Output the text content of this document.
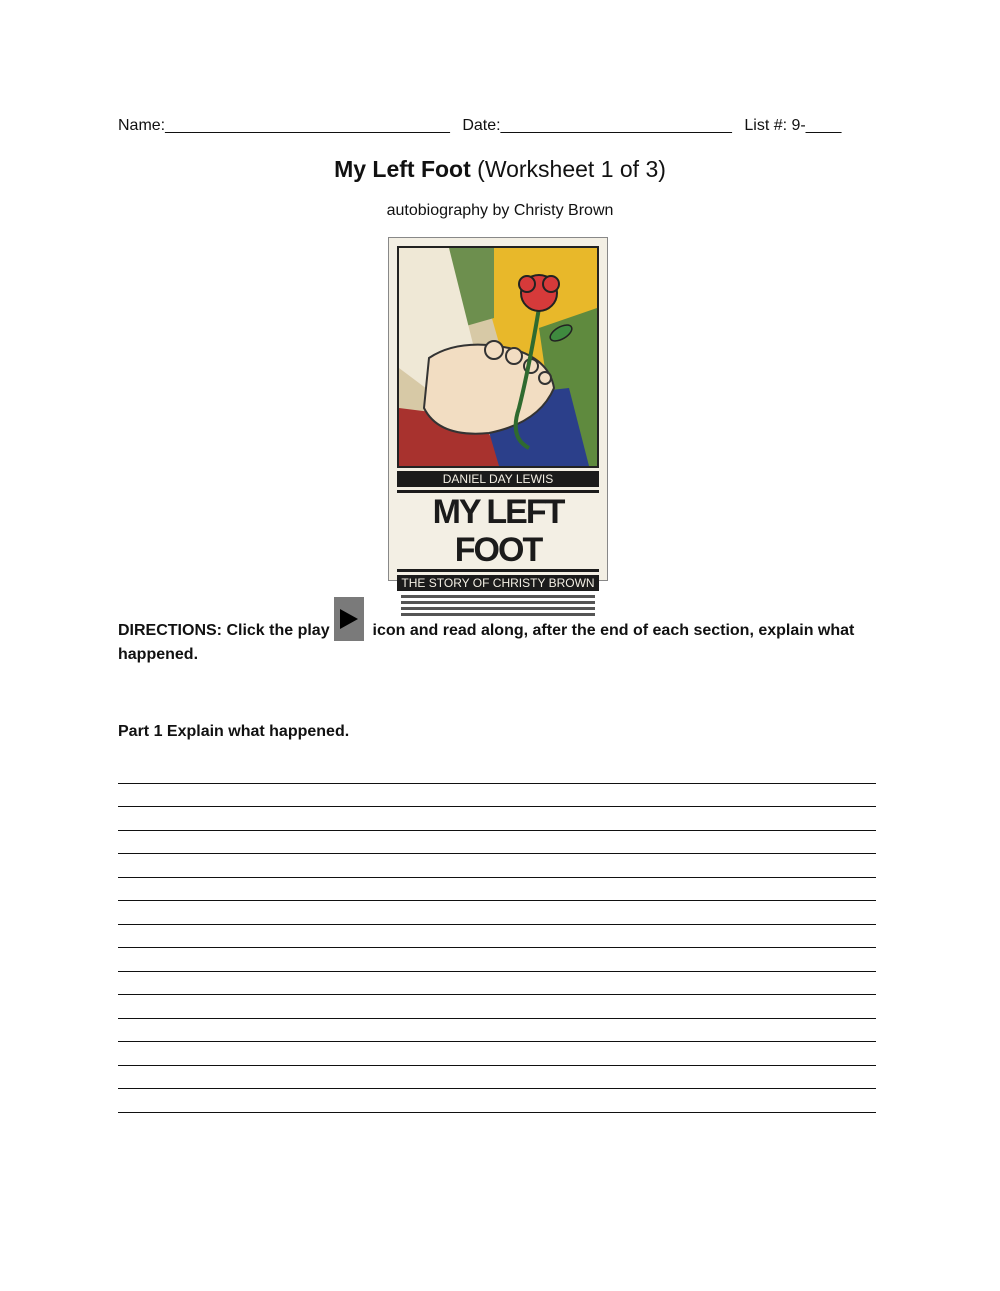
Name:________________________________ Date:__________________________ List #: 9-____
My Left Foot (Worksheet 1 of 3)
autobiography by Christy Brown
DANIEL DAY LEWIS
MY LEFT FOOT
THE STORY OF CHRISTY BROWN
DIRECTIONS: Click the play
icon and read along, after the end of each section, explain what happened.
Part 1 Explain what happened.
